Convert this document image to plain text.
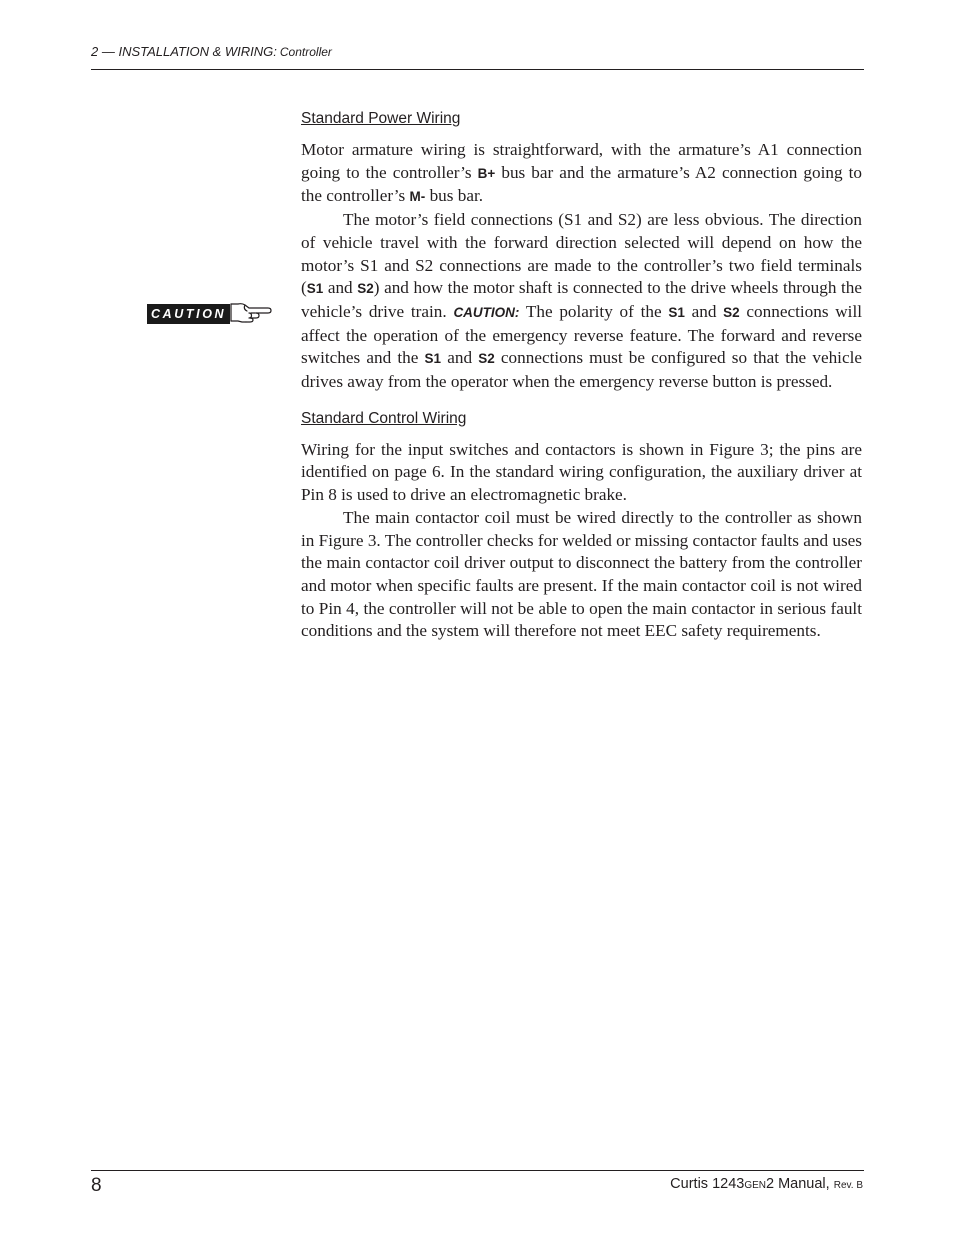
2 — INSTALLATION & WIRING: Controller
CAUTION
Standard Power Wiring

Motor armature wiring is straightforward, with the armature’s A1 connection going to the controller’s B+ bus bar and the armature’s A2 connection going to the controller’s M- bus bar.

The motor’s field connections (S1 and S2) are less obvious. The direction of vehicle travel with the forward direction selected will depend on how the motor’s S1 and S2 connections are made to the controller’s two field terminals (S1 and S2) and how the motor shaft is connected to the drive wheels through the vehicle’s drive train. CAUTION: The polarity of the S1 and S2 connections will affect the operation of the emergency reverse feature. The forward and reverse switches and the S1 and S2 connections must be configured so that the vehicle drives away from the operator when the emergency reverse button is pressed.

Standard Control Wiring

Wiring for the input switches and contactors is shown in Figure 3; the pins are identified on page 6. In the standard wiring configuration, the auxiliary driver at Pin 8 is used to drive an electromagnetic brake.

The main contactor coil must be wired directly to the controller as shown in Figure 3. The controller checks for welded or missing contactor faults and uses the main contactor coil driver output to disconnect the battery from the controller and motor when specific faults are present. If the main contactor coil is not wired to Pin 4, the controller will not be able to open the main contactor in serious fault conditions and the system will therefore not meet EEC safety requirements.

8	Curtis 1243GEN2 Manual, Rev. B
